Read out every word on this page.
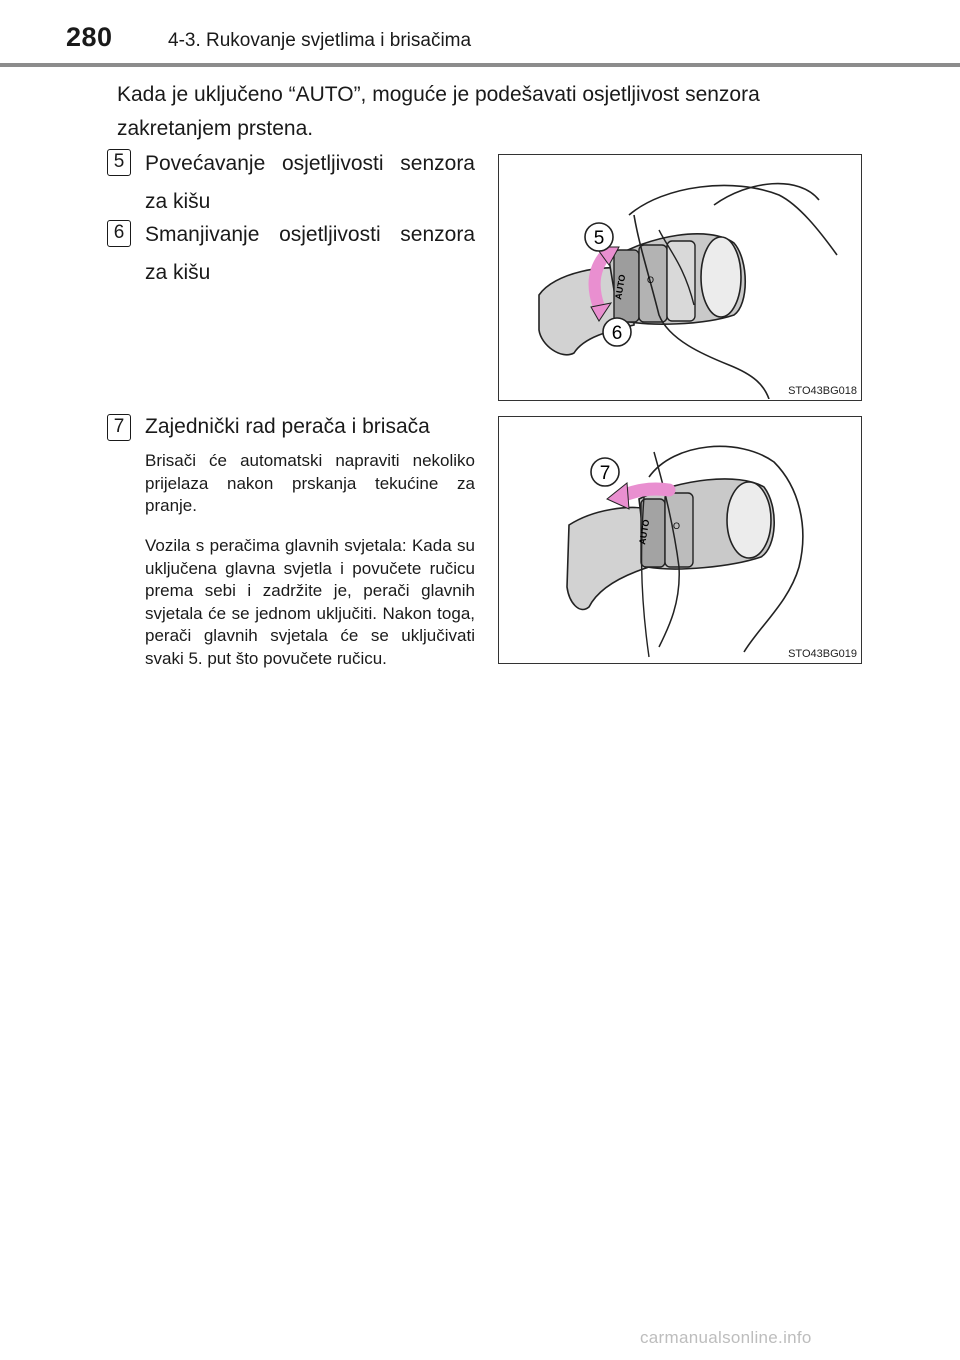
280	4-3. Rukovanje svjetlima i brisačima
Kada je uključeno “AUTO”, moguće je podešavati osjetljivost senzora zakretanjem prstena.
5 Povećavanje osjetljivosti senzora za kišu
6 Smanjivanje osjetljivosti senzora za kišu
7 Zajednički rad perača i brisača
Brisači će automatski napraviti nekoliko prijelaza nakon prskanja tekućine za pranje.
Vozila s peračima glavnih svjetala: Kada su uključena glavna svjetla i povučete ručicu prema sebi i zadržite je, perači glavnih svjetala će se jednom uključiti. Nakon toga, perači glavnih svjetala će se uključivati svaki 5. put što povučete ručicu.
AUTO O
5
6
STO43BG018
AUTO O
7
STO43BG019
carmanualsonline.info
